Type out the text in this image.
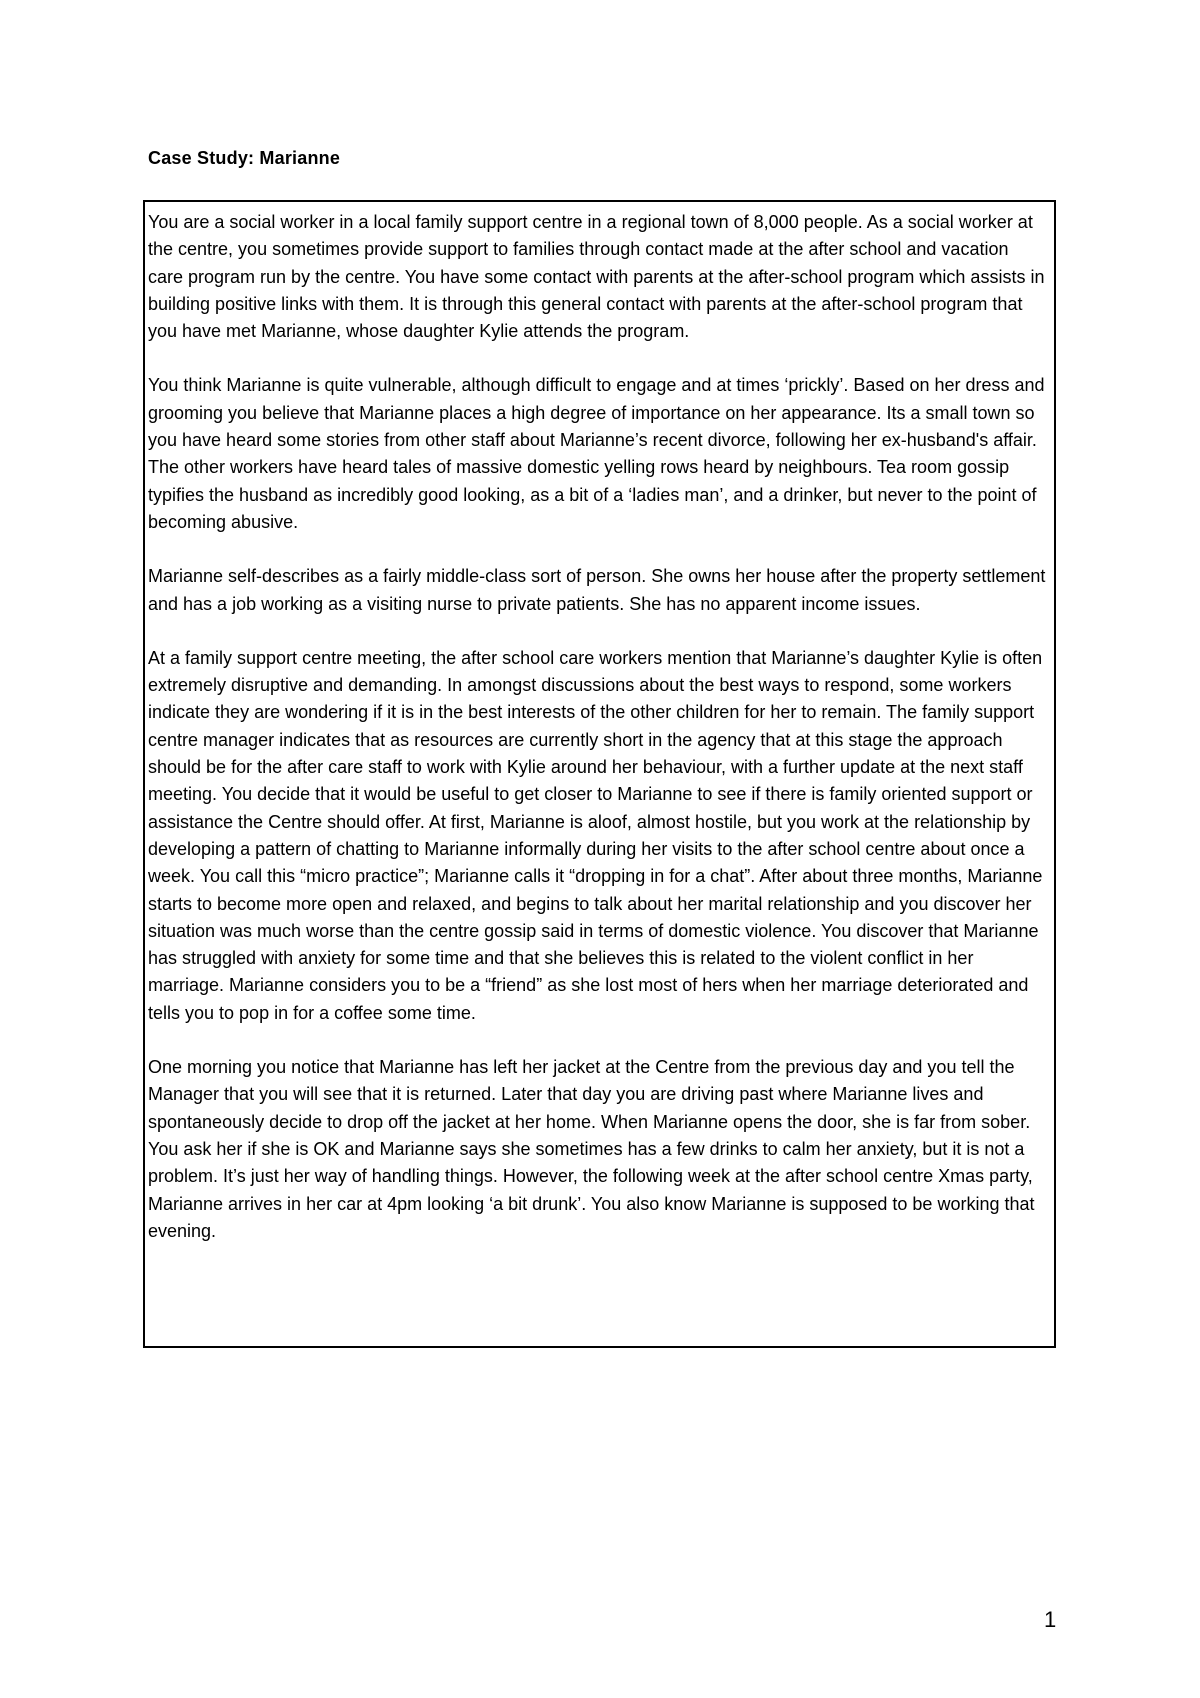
Case Study: Marianne

You are a social worker in a local family support centre in a regional town of 8,000 people. As a social worker at the centre, you sometimes provide support to families through contact made at the after school and vacation care program run by the centre. You have some contact with parents at the after-school program which assists in building positive links with them. It is through this general contact with parents at the after-school program that you have met Marianne, whose daughter Kylie attends the program.

You think Marianne is quite vulnerable, although difficult to engage and at times ‘prickly’. Based on her dress and grooming you believe that Marianne places a high degree of importance on her appearance. Its a small town so you have heard some stories from other staff about Marianne’s recent divorce, following her ex-husband's affair. The other workers have heard tales of massive domestic yelling rows heard by neighbours. Tea room gossip typifies the husband as incredibly good looking, as a bit of a ‘ladies man’, and a drinker, but never to the point of becoming abusive.

Marianne self-describes as a fairly middle-class sort of person. She owns her house after the property settlement and has a job working as a visiting nurse to private patients. She has no apparent income issues.

At a family support centre meeting, the after school care workers mention that Marianne’s daughter Kylie is often extremely disruptive and demanding. In amongst discussions about the best ways to respond, some workers indicate they are wondering if it is in the best interests of the other children for her to remain. The family support centre manager indicates that as resources are currently short in the agency that at this stage the approach should be for the after care staff to work with Kylie around her behaviour, with a further update at the next staff meeting. You decide that it would be useful to get closer to Marianne to see if there is family oriented support or assistance the Centre should offer. At first, Marianne is aloof, almost hostile, but you work at the relationship by developing a pattern of chatting to Marianne informally during her visits to the after school centre about once a week. You call this “micro practice”; Marianne calls it “dropping in for a chat”. After about three months, Marianne starts to become more open and relaxed, and begins to talk about her marital relationship and you discover her situation was much worse than the centre gossip said in terms of domestic violence. You discover that Marianne has struggled with anxiety for some time and that she believes this is related to the violent conflict in her marriage. Marianne considers you to be a “friend” as she lost most of hers when her marriage deteriorated and tells you to pop in for a coffee some time.

One morning you notice that Marianne has left her jacket at the Centre from the previous day and you tell the Manager that you will see that it is returned. Later that day you are driving past where Marianne lives and spontaneously decide to drop off the jacket at her home. When Marianne opens the door, she is far from sober. You ask her if she is OK and Marianne says she sometimes has a few drinks to calm her anxiety, but it is not a problem. It’s just her way of handling things. However, the following week at the after school centre Xmas party, Marianne arrives in her car at 4pm looking ‘a bit drunk’. You also know Marianne is supposed to be working that evening.

1
